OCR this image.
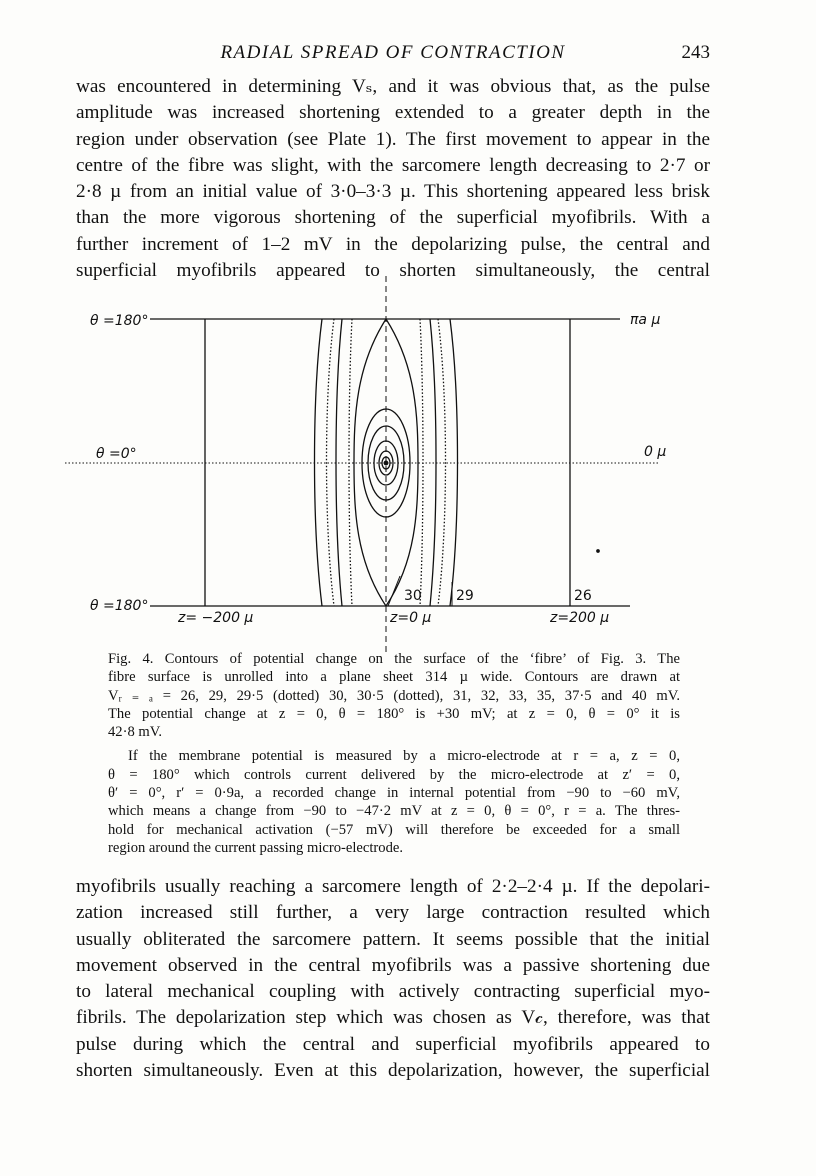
RADIAL SPREAD OF CONTRACTION	243

was encountered in determining Vₛ, and it was obvious that, as the pulse
amplitude was increased shortening extended to a greater depth in the
region under observation (see Plate 1). The first movement to appear in the
centre of the fibre was slight, with the sarcomere length decreasing to 2·7 or
2·8 µ from an initial value of 3·0–3·3 µ. This shortening appeared less brisk
than the more vigorous shortening of the superficial myofibrils. With a
further increment of 1–2 mV in the depolarizing pulse, the central and
superficial myofibrils appeared to shorten simultaneously, the central

θ =180°
θ =0°
θ =180°
πa µ
0 µ
30 29	26
z= −200 µ	z=0 µ	z=200 µ
Fig. 4. Contours of potential change on the surface of the ‘fibre’ of Fig. 3. The
fibre surface is unrolled into a plane sheet 314 µ wide. Contours are drawn at
Vᵣ ₌ ₐ = 26, 29, 29·5 (dotted) 30, 30·5 (dotted), 31, 32, 33, 35, 37·5 and 40 mV.
The potential change at z = 0, θ = 180° is +30 mV; at z = 0, θ = 0° it is
42·8 mV.
If the membrane potential is measured by a micro-electrode at r = a, z = 0,
θ = 180° which controls current delivered by the micro-electrode at z′ = 0,
θ′ = 0°, r′ = 0·9a, a recorded change in internal potential from −90 to −60 mV,
which means a change from −90 to −47·2 mV at z = 0, θ = 0°, r = a. The thres-
hold for mechanical activation (−57 mV) will therefore be exceeded for a small
region around the current passing micro-electrode.

myofibrils usually reaching a sarcomere length of 2·2–2·4 µ. If the depolari-
zation increased still further, a very large contraction resulted which
usually obliterated the sarcomere pattern. It seems possible that the initial
movement observed in the central myofibrils was a passive shortening due
to lateral mechanical coupling with actively contracting superficial myo-
fibrils. The depolarization step which was chosen as V𝒸, therefore, was that
pulse during which the central and superficial myofibrils appeared to
shorten simultaneously. Even at this depolarization, however, the superficial
